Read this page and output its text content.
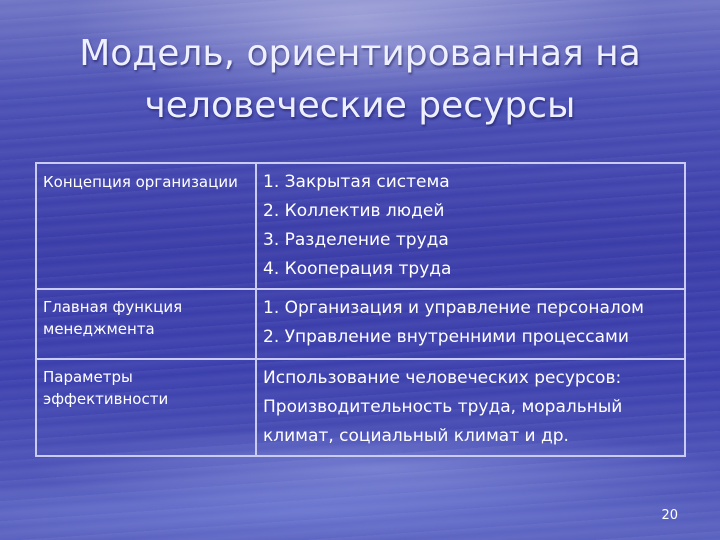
Модель, ориентированная на
человеческие ресурсы
Концепция организации	1. Закрытая система
2. Коллектив людей
3. Разделение труда
4. Кооперация труда

Главная функция менеджмента	1. Организация и управление персоналом
2. Управление внутренними процессами

Параметры эффективности	Использование человеческих ресурсов:
Производительность труда, моральный климат, социальный климат и др.
20
